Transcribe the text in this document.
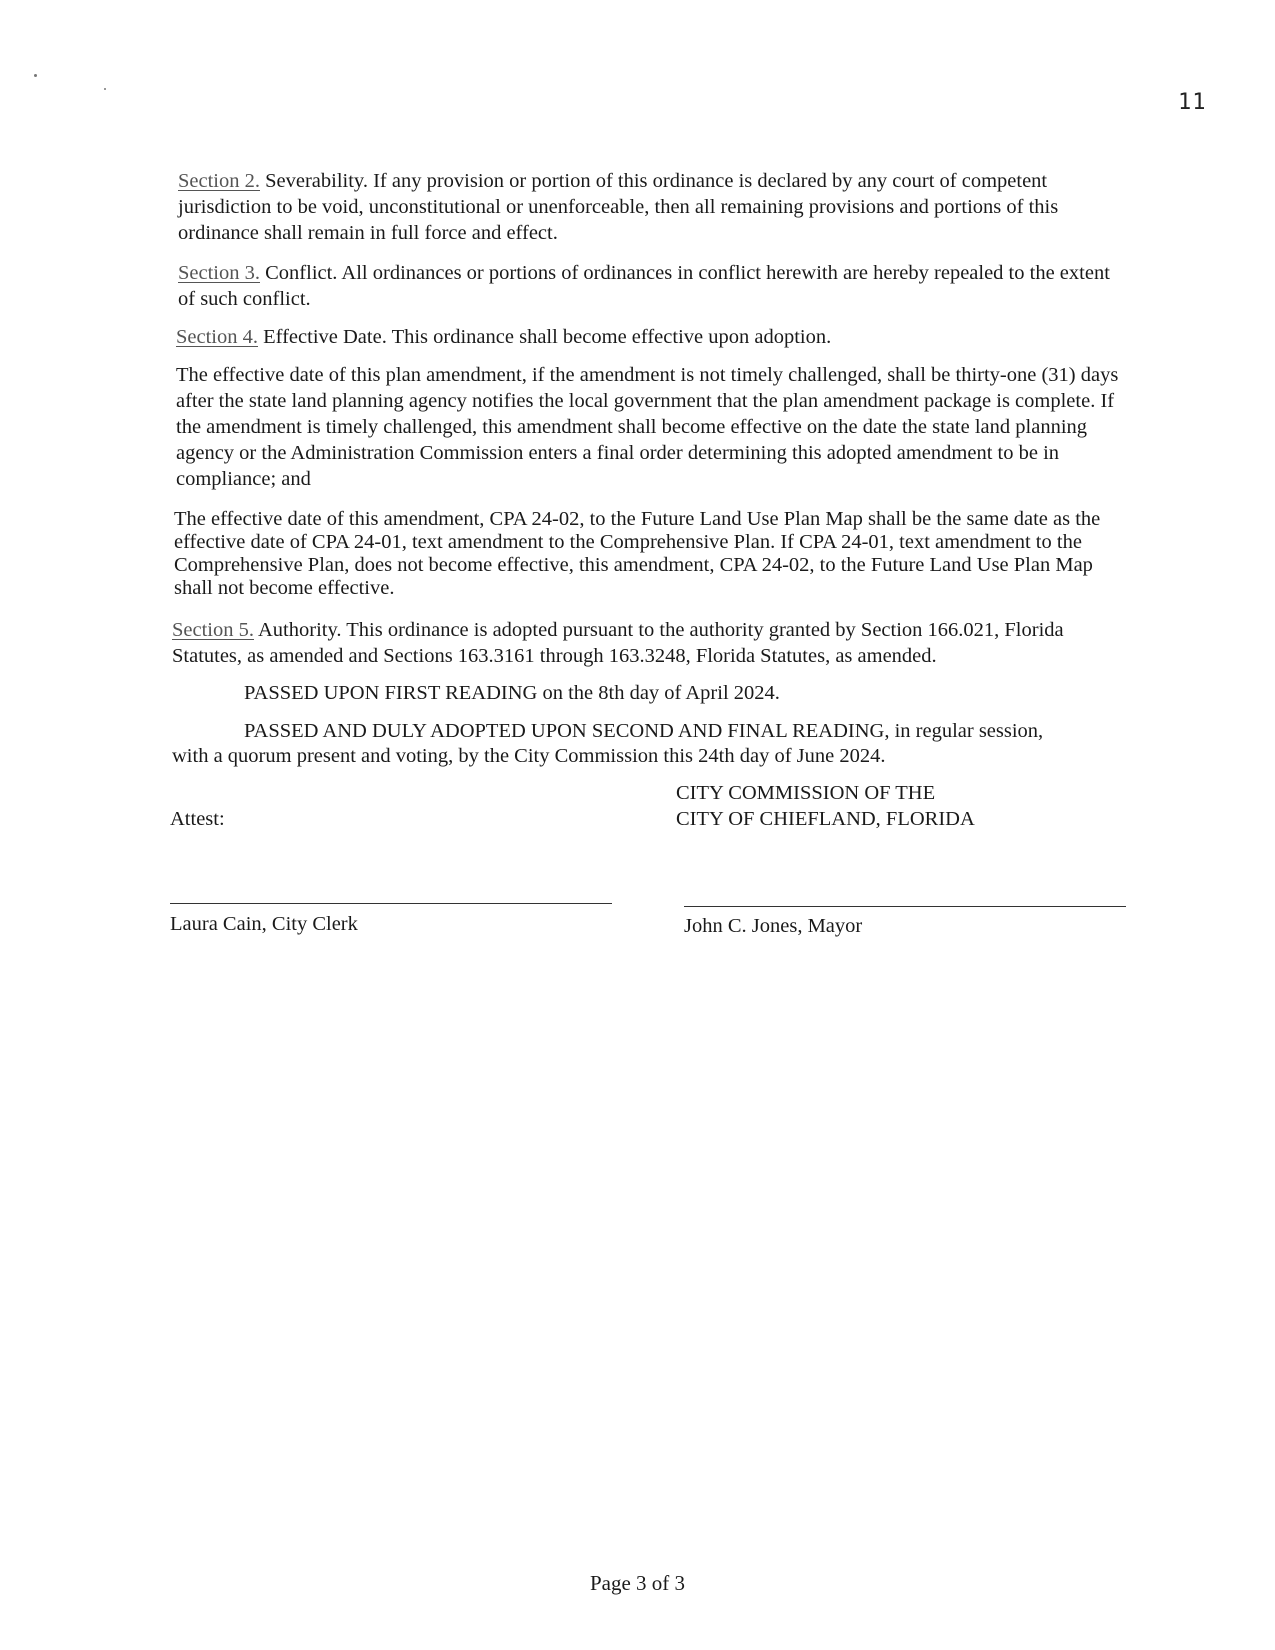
11

Section 2. Severability. If any provision or portion of this ordinance is declared by any court of competent jurisdiction to be void, unconstitutional or unenforceable, then all remaining provisions and portions of this ordinance shall remain in full force and effect.

Section 3. Conflict. All ordinances or portions of ordinances in conflict herewith are hereby repealed to the extent of such conflict.

Section 4. Effective Date. This ordinance shall become effective upon adoption.

The effective date of this plan amendment, if the amendment is not timely challenged, shall be thirty-one (31) days after the state land planning agency notifies the local government that the plan amendment package is complete. If the amendment is timely challenged, this amendment shall become effective on the date the state land planning agency or the Administration Commission enters a final order determining this adopted amendment to be in compliance; and

The effective date of this amendment, CPA 24-02, to the Future Land Use Plan Map shall be the same date as the effective date of CPA 24-01, text amendment to the Comprehensive Plan. If CPA 24-01, text amendment to the Comprehensive Plan, does not become effective, this amendment, CPA 24-02, to the Future Land Use Plan Map shall not become effective.

Section 5. Authority. This ordinance is adopted pursuant to the authority granted by Section 166.021, Florida Statutes, as amended and Sections 163.3161 through 163.3248, Florida Statutes, as amended.

PASSED UPON FIRST READING on the 8th day of April 2024.

PASSED AND DULY ADOPTED UPON SECOND AND FINAL READING, in regular session,

with a quorum present and voting, by the City Commission this 24th day of June 2024.

CITY COMMISSION OF THE

CITY OF CHIEFLAND, FLORIDA

Attest:

Laura Cain, City Clerk	John C. Jones, Mayor

Page 3 of 3
